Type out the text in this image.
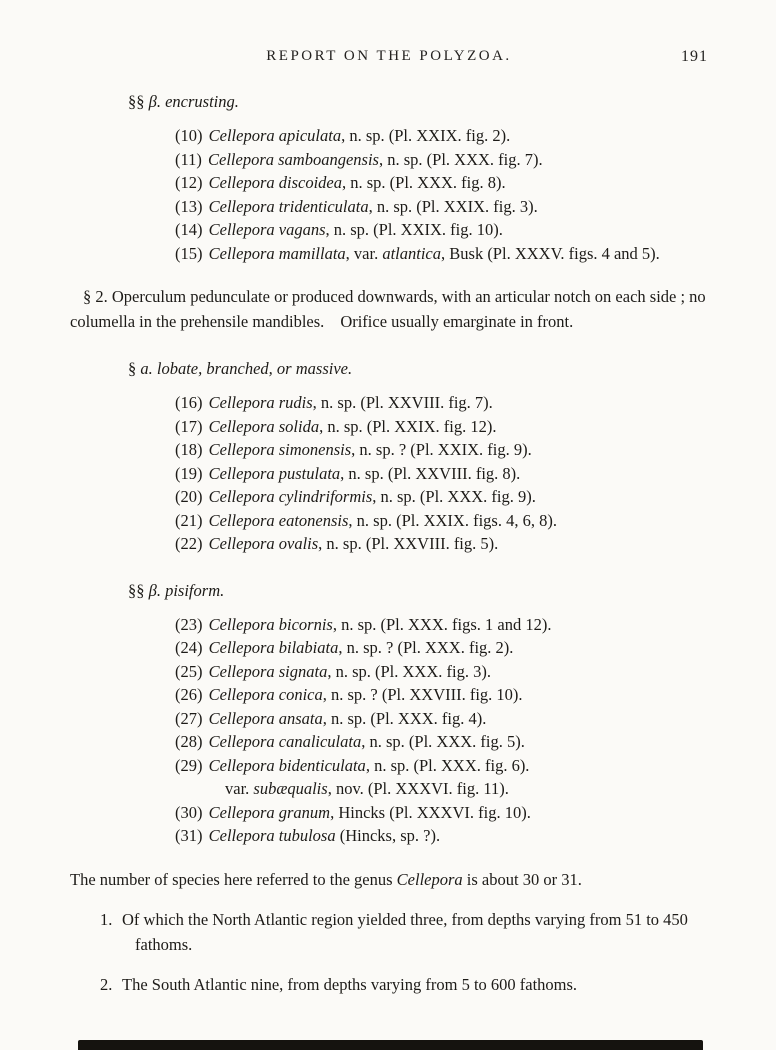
REPORT ON THE POLYZOA.	191
§§ β. encrusting.
(10) Cellepora apiculata, n. sp. (Pl. XXIX. fig. 2).
(11) Cellepora samboangensis, n. sp. (Pl. XXX. fig. 7).
(12) Cellepora discoidea, n. sp. (Pl. XXX. fig. 8).
(13) Cellepora tridenticulata, n. sp. (Pl. XXIX. fig. 3).
(14) Cellepora vagans, n. sp. (Pl. XXIX. fig. 10).
(15) Cellepora mamillata, var. atlantica, Busk (Pl. XXXV. figs. 4 and 5).
§ 2. Operculum pedunculate or produced downwards, with an articular notch on each side ; no columella in the prehensile mandibles. Orifice usually emarginate in front.
§ a. lobate, branched, or massive.
(16) Cellepora rudis, n. sp. (Pl. XXVIII. fig. 7).
(17) Cellepora solida, n. sp. (Pl. XXIX. fig. 12).
(18) Cellepora simonensis, n. sp. ? (Pl. XXIX. fig. 9).
(19) Cellepora pustulata, n. sp. (Pl. XXVIII. fig. 8).
(20) Cellepora cylindriformis, n. sp. (Pl. XXX. fig. 9).
(21) Cellepora eatonensis, n. sp. (Pl. XXIX. figs. 4, 6, 8).
(22) Cellepora ovalis, n. sp. (Pl. XXVIII. fig. 5).
§§ β. pisiform.
(23) Cellepora bicornis, n. sp. (Pl. XXX. figs. 1 and 12).
(24) Cellepora bilabiata, n. sp. ? (Pl. XXX. fig. 2).
(25) Cellepora signata, n. sp. (Pl. XXX. fig. 3).
(26) Cellepora conica, n. sp. ? (Pl. XXVIII. fig. 10).
(27) Cellepora ansata, n. sp. (Pl. XXX. fig. 4).
(28) Cellepora canaliculata, n. sp. (Pl. XXX. fig. 5).
(29) Cellepora bidenticulata, n. sp. (Pl. XXX. fig. 6).
var. subæqualis, nov. (Pl. XXXVI. fig. 11).
(30) Cellepora granum, Hincks (Pl. XXXVI. fig. 10).
(31) Cellepora tubulosa (Hincks, sp. ?).
The number of species here referred to the genus Cellepora is about 30 or 31.
1. Of which the North Atlantic region yielded three, from depths varying from 51 to 450 fathoms.
2. The South Atlantic nine, from depths varying from 5 to 600 fathoms.
